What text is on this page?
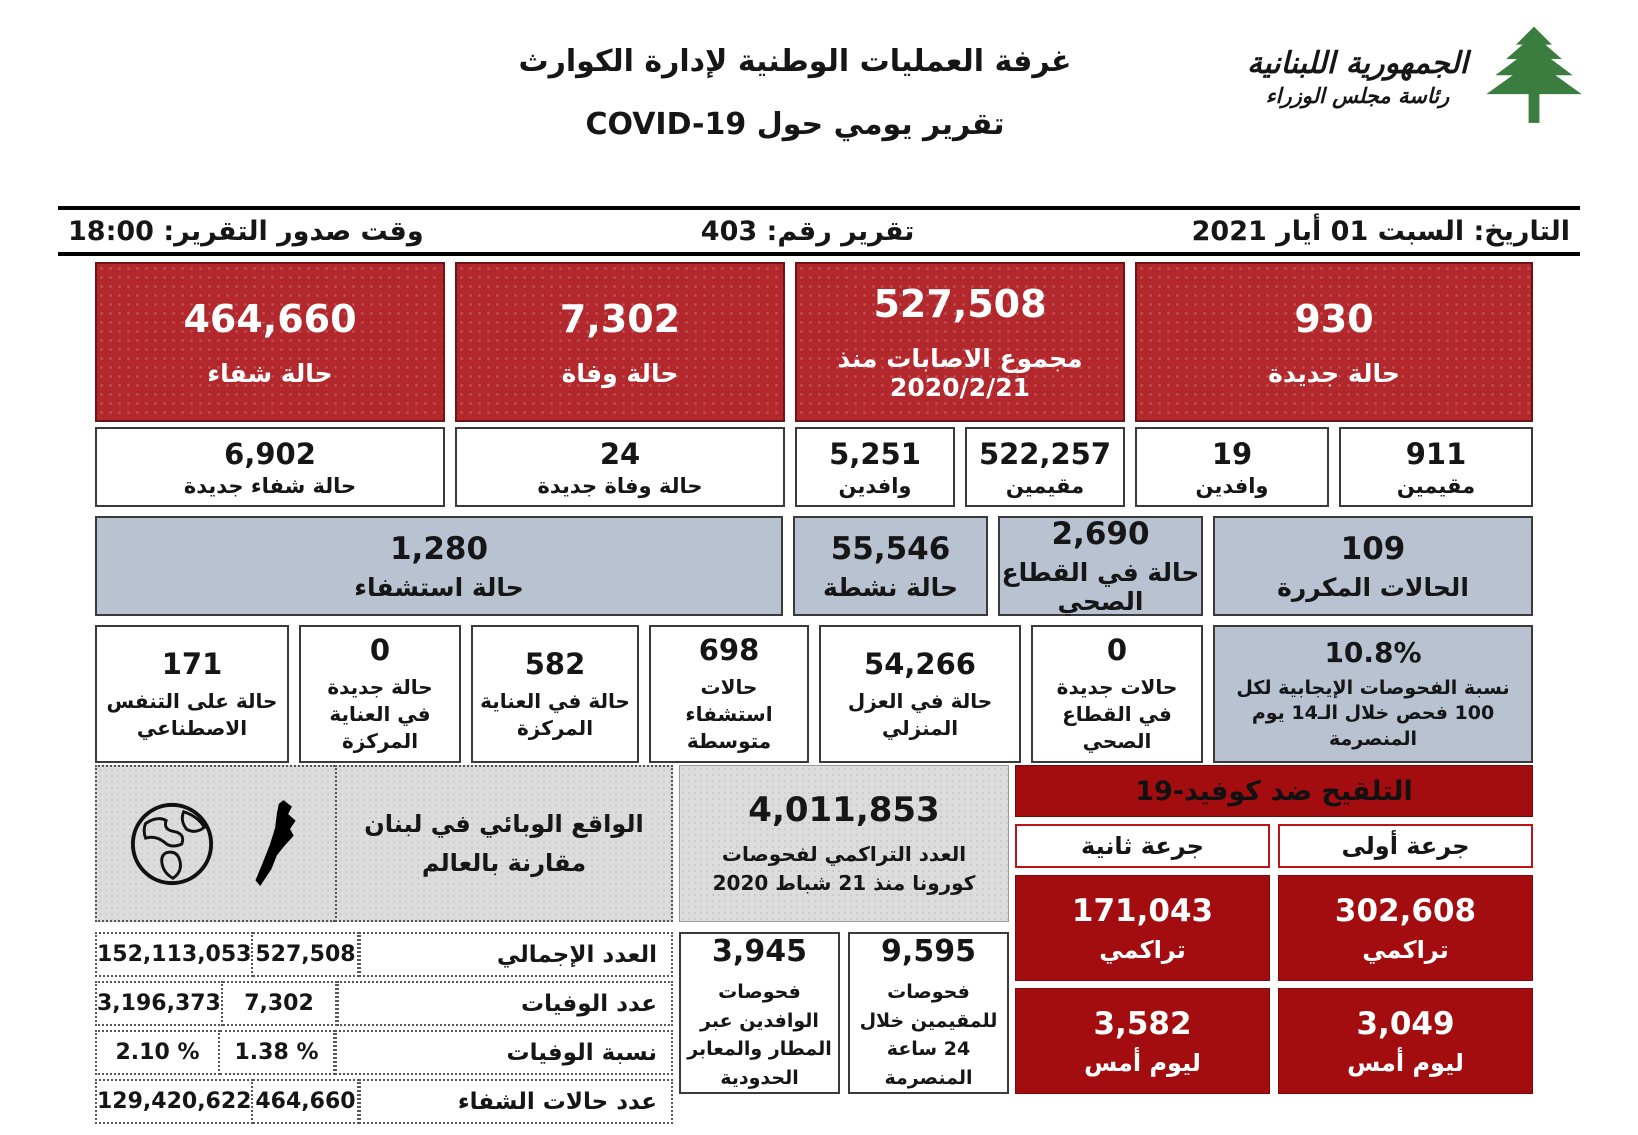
الجمهورية اللبنانية
رئاسة مجلس الوزراء
غرفة العمليات الوطنية لإدارة الكوارث
تقرير يومي حول COVID-19
التاريخ: السبت 01 أيار 2021
تقرير رقم: 403
وقت صدور التقرير: 18:00
930
حالة جديدة
527,508
مجموع الاصابات منذ 2020/2/21
7,302
حالة وفاة
464,660
حالة شفاء
911
مقيمين
19
وافدين
522,257
مقيمين
5,251
وافدين
24
حالة وفاة جديدة
6,902
حالة شفاء جديدة
109
الحالات المكررة
2,690
حالة في القطاع الصحي
55,546
حالة نشطة
1,280
حالة استشفاء
10.8%
نسبة الفحوصات الإيجابية لكل 100 فحص خلال الـ14 يوم المنصرمة
0
حالات جديدة في القطاع الصحي
54,266
حالة في العزل المنزلي
698
حالات استشفاء متوسطة
582
حالة في العناية المركزة
0
حالة جديدة في العناية المركزة
171
حالة على التنفس الاصطناعي
التلقيح ضد كوفيد-19
جرعة أولى
302,608
تراكمي
3,049
ليوم أمس
جرعة ثانية
171,043
تراكمي
3,582
ليوم أمس
4,011,853
العدد التراكمي لفحوصات كورونا منذ 21 شباط 2020
9,595
فحوصات للمقيمين خلال 24 ساعة المنصرمة
3,945
فحوصات الوافدين عبر المطار والمعابر الحدودية
الواقع الوبائي في لبنان مقارنة بالعالم
العدد الإجمالي
527,508
152,113,053
عدد الوفيات
7,302
3,196,373
نسبة الوفيات
1.38 %
2.10 %
عدد حالات الشفاء
464,660
129,420,622
